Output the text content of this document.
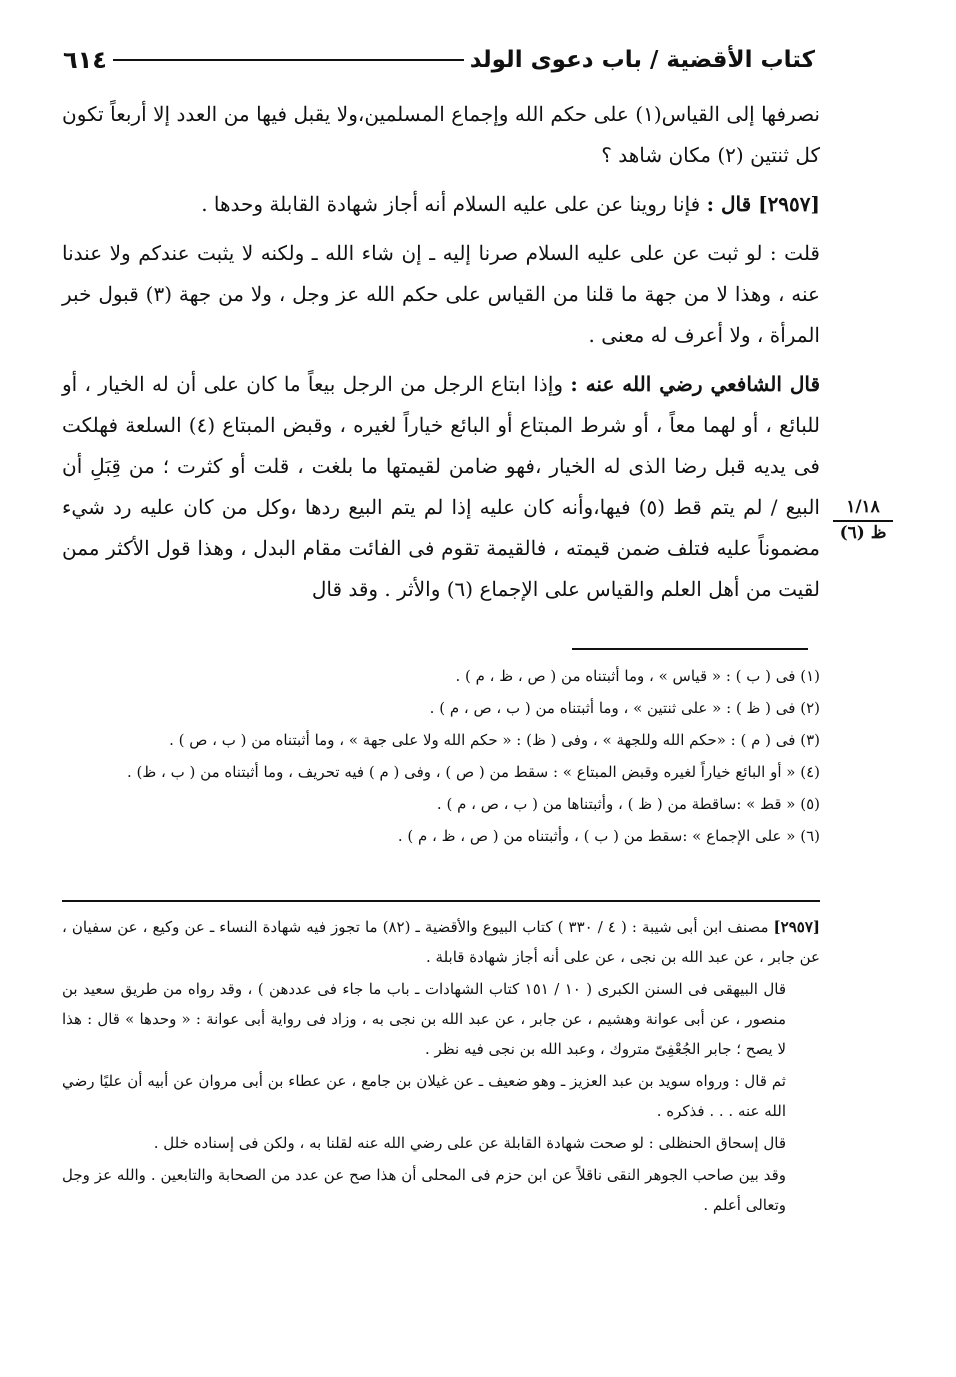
كتاب الأقضية / باب دعوى الولد
٦١٤

نصرفها إلى القياس(١) على حكم الله وإجماع المسلمين،ولا يقبل فيها من العدد إلا أربعاً تكون كل ثنتين (٢) مكان شاهد ؟

[٢٩٥٧] قال : فإنا روينا عن على عليه السلام أنه أجاز شهادة القابلة وحدها .

قلت : لو ثبت عن على عليه السلام صرنا إليه ـ إن شاء الله ـ ولكنه لا يثبت عندكم ولا عندنا عنه ، وهذا لا من جهة ما قلنا من القياس على حكم الله عز وجل ، ولا من جهة (٣) قبول خبر المرأة ، ولا أعرف له معنى .

قال الشافعي رضي الله عنه : وإذا ابتاع الرجل من الرجل بيعاً ما كان على أن له الخيار ، أو للبائع ، أو لهما معاً ، أو شرط المبتاع أو البائع خياراً لغيره ، وقبض المبتاع (٤) السلعة فهلكت فى يديه قبل رضا الذى له الخيار ،فهو ضامن لقيمتها ما بلغت ، قلت أو كثرت ؛ من قِبَلِ أن البيع / لم يتم قط (٥) فيها،وأنه كان عليه إذا لم يتم البيع ردها ،وكل من كان عليه رد شيء مضموناً عليه فتلف ضمن قيمته ، فالقيمة تقوم فى الفائت مقام البدل ، وهذا قول الأكثر ممن لقيت من أهل العلم والقياس على الإجماع (٦) والأثر . وقد قال

١/١٨
ظ (٦)

(١) فى ( ب ) : « قياس » ، وما أثبتناه من ( ص ، ظ ، م ) .

(٢) فى ( ظ ) : « على ثنتين » ، وما أثبتناه من ( ب ، ص ، م ) .

(٣) فى ( م ) : «حكم الله وللجهة » ، وفى ( ظ) : « حكم الله ولا على جهة » ، وما أثبتناه من ( ب ، ص ) .

(٤) « أو البائع خياراً لغيره وقبض المبتاع » : سقط من ( ص ) ، وفى ( م ) فيه تحريف ، وما أثبتناه من ( ب ، ظ) .

(٥) « قط » :ساقطة من ( ظ ) ، وأثبتناها من ( ب ، ص ، م ) .

(٦) « على الإجماع » :سقط من ( ب ) ، وأثبتناه من ( ص ، ظ ، م ) .

[٢٩٥٧] مصنف ابن أبى شيبة : ( ٤ / ٣٣٠ ) كتاب البيوع والأقضية ـ (٨٢) ما تجوز فيه شهادة النساء ـ عن وكيع ، عن سفيان ، عن جابر ، عن عبد الله بن نجى ، عن على أنه أجاز شهادة قابلة .

قال البيهقى فى السنن الكبرى ( ١٠ / ١٥١ كتاب الشهادات ـ باب ما جاء فى عددهن ) ، وقد رواه من طريق سعيد بن منصور ، عن أبى عوانة وهشيم ، عن جابر ، عن عبد الله بن نجى به ، وزاد فى رواية أبى عوانة : « وحدها » قال : هذا لا يصح ؛ جابر الجُعْفِىّ متروك ، وعبد الله بن نجى فيه نظر .

ثم قال : ورواه سويد بن عبد العزيز ـ وهو ضعيف ـ عن غيلان بن جامع ، عن عطاء بن أبى مروان عن أبيه أن عليًا رضي الله عنه . . . فذكره .

قال إسحاق الحنظلى : لو صحت شهادة القابلة عن على رضي الله عنه لقلنا به ، ولكن فى إسناده خلل .

وقد بين صاحب الجوهر النقى ناقلاً عن ابن حزم فى المحلى أن هذا صح عن عدد من الصحابة والتابعين . والله عز وجل وتعالى أعلم .
